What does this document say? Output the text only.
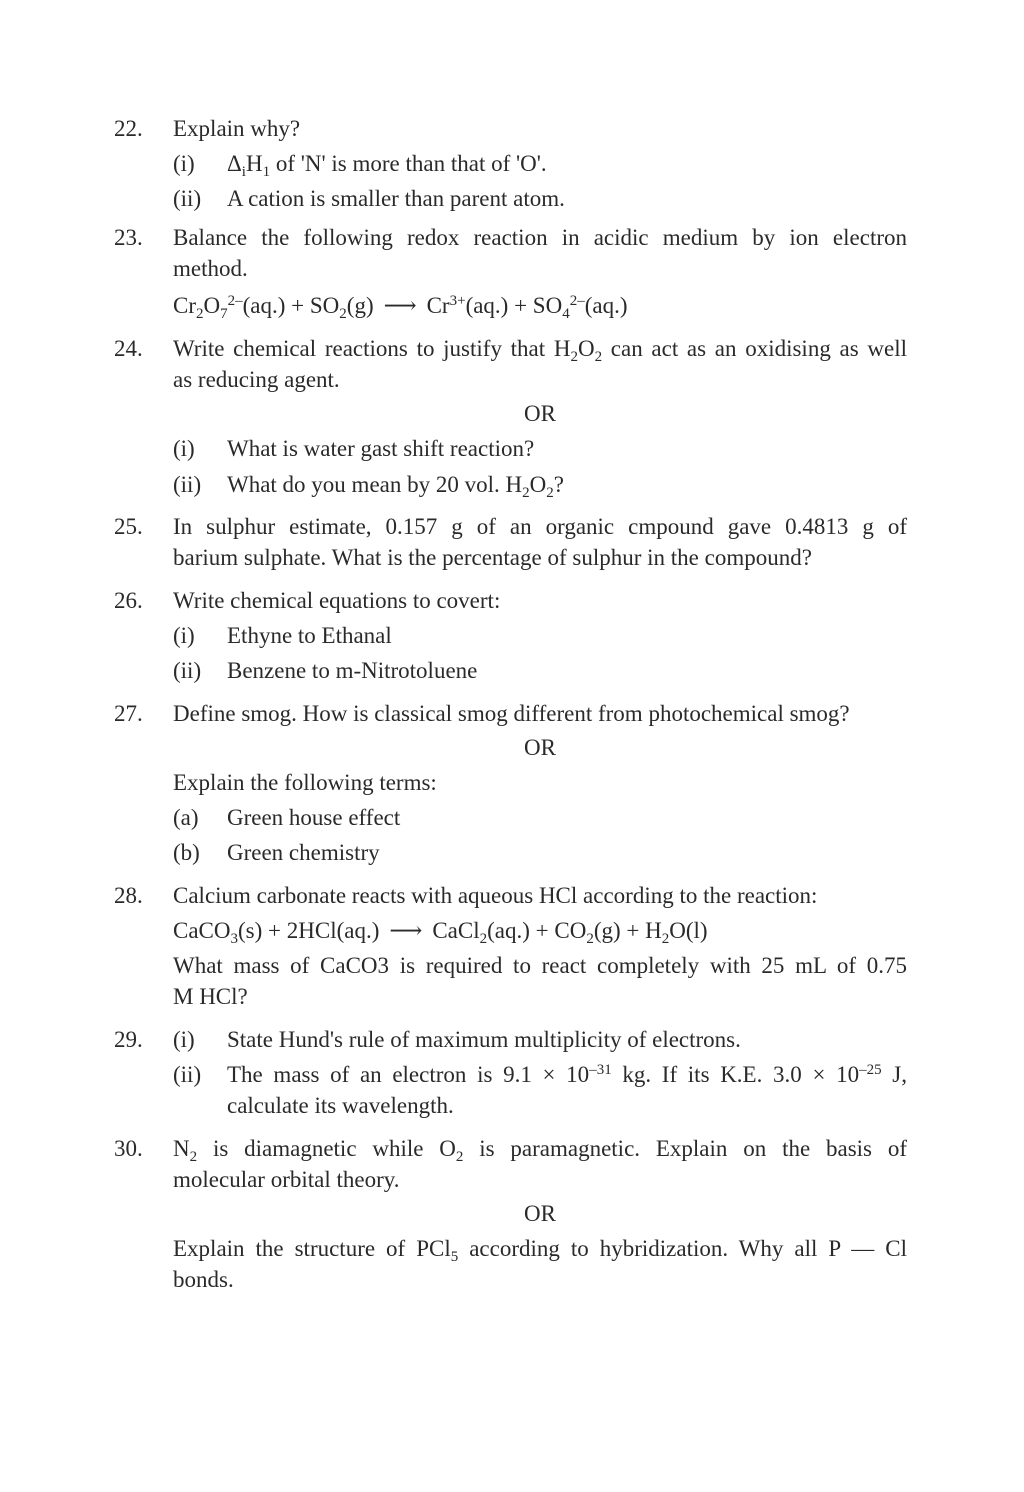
22.	Explain why?
(i)	$\Delta_iH_1$ of 'N' is more than that of 'O'.
(ii)	A cation is smaller than parent atom.
23.	Balance the following redox reaction in acidic medium by ion electron
method.
$Cr_2O_7^{2-}(aq.) + SO_2(g)$ ⟶ $Cr^{3+}(aq.) + SO_4^{2-}(aq.)$
24.	Write chemical reactions to justify that $H_2O_2$ can act as an oxidising as well
as reducing agent.
OR
(i)	What is water gast shift reaction?
(ii)	What do you mean by 20 vol. $H_2O_2$?
25.	In sulphur estimate, 0.157 g of an organic cmpound gave 0.4813 g of
barium sulphate. What is the percentage of sulphur in the compound?
26.	Write chemical equations to covert:
(i)	Ethyne to Ethanal
(ii)	Benzene to m-Nitrotoluene
27.	Define smog. How is classical smog different from photochemical smog?
OR
Explain the following terms:
(a)	Green house effect
(b)	Green chemistry
28.	Calcium carbonate reacts with aqueous HCl according to the reaction:
CaCO$_3$(s) + 2HCl(aq.) ⟶ CaCl$_2$(aq.) + $CO_2(g) + H_2O(l)$
What mass of CaCO3 is required to react completely with 25 mL of 0.75
M HCl?
29.	(i)	State Hund's rule of maximum multiplicity of electrons.
(ii)	The mass of an electron is $9.1 \times 10^{-31}$ kg. If its K.E. $3.0 \times 10^{-25}$ J,
calculate its wavelength.
30.	$N_2$ is diamagnetic while $O_2$ is paramagnetic. Explain on the basis of
molecular orbital theory.
OR
Explain the structure of PCl$_5$ according to hybridization. Why all P — Cl
bonds.
